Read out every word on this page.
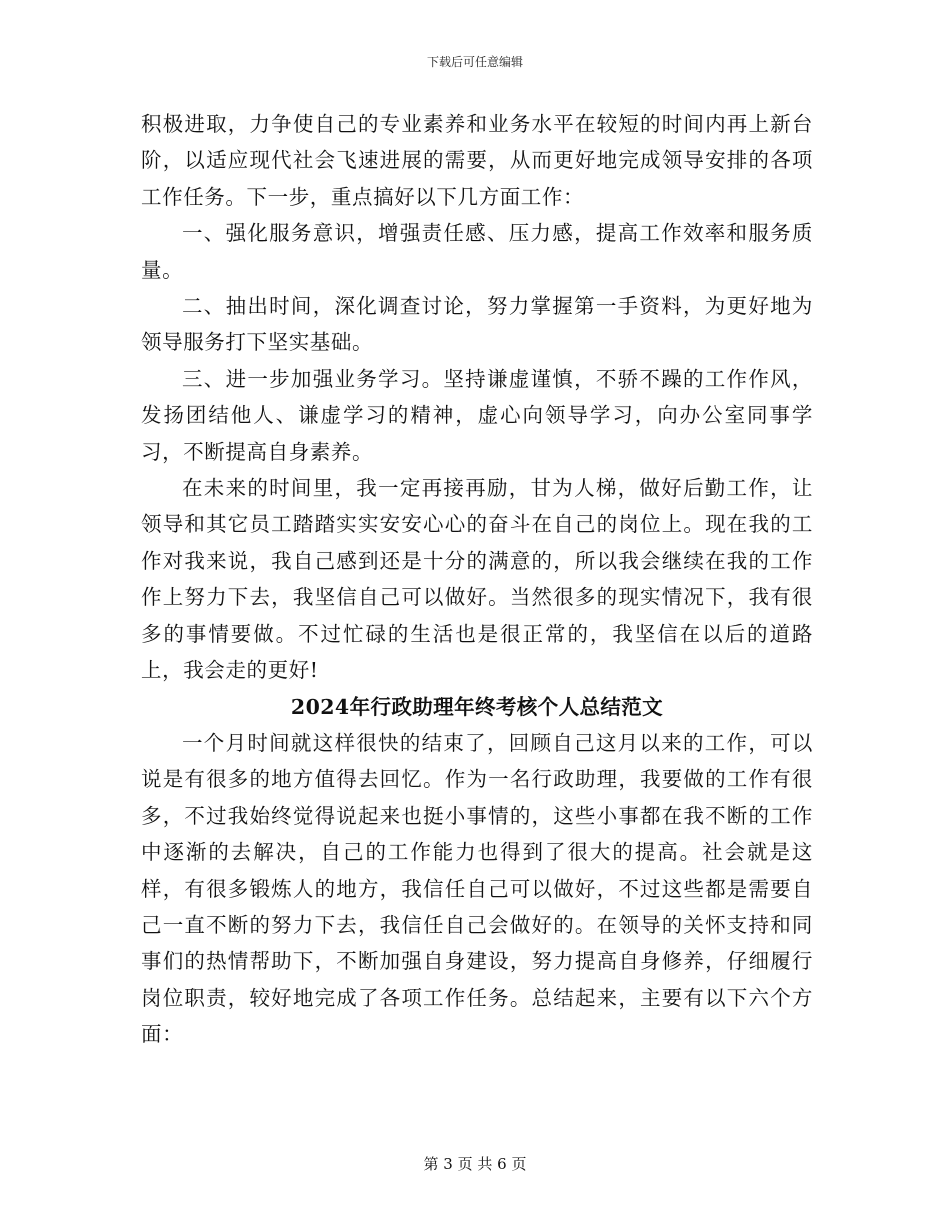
下载后可任意编辑

积极进取，力争使自己的专业素养和业务水平在较短的时间内再上新台阶，以适应现代社会飞速进展的需要，从而更好地完成领导安排的各项工作任务。下一步，重点搞好以下几方面工作：

一、强化服务意识，增强责任感、压力感，提高工作效率和服务质量。

二、抽出时间，深化调查讨论，努力掌握第一手资料，为更好地为领导服务打下坚实基础。

三、进一步加强业务学习。坚持谦虚谨慎，不骄不躁的工作作风，发扬团结他人、谦虚学习的精神，虚心向领导学习，向办公室同事学习，不断提高自身素养。

在未来的时间里，我一定再接再励，甘为人梯，做好后勤工作，让领导和其它员工踏踏实实安安心心的奋斗在自己的岗位上。现在我的工作对我来说，我自己感到还是十分的满意的，所以我会继续在我的工作作上努力下去，我坚信自己可以做好。当然很多的现实情况下，我有很多的事情要做。不过忙碌的生活也是很正常的，我坚信在以后的道路上，我会走的更好!

2024年行政助理年终考核个人总结范文

一个月时间就这样很快的结束了，回顾自己这月以来的工作，可以说是有很多的地方值得去回忆。作为一名行政助理，我要做的工作有很多，不过我始终觉得说起来也挺小事情的，这些小事都在我不断的工作中逐渐的去解决，自己的工作能力也得到了很大的提高。社会就是这样，有很多锻炼人的地方，我信任自己可以做好，不过这些都是需要自己一直不断的努力下去，我信任自己会做好的。在领导的关怀支持和同事们的热情帮助下，不断加强自身建设，努力提高自身修养，仔细履行岗位职责，较好地完成了各项工作任务。总结起来，主要有以下六个方面：

第 3 页 共 6 页
